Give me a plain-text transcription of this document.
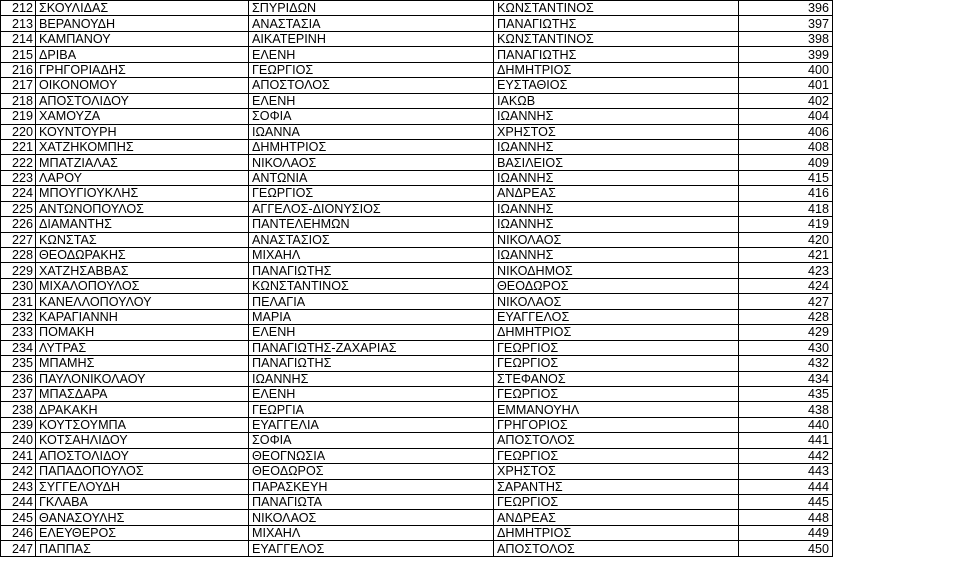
212	ΣΚΟΥΛΙΔΑΣ	ΣΠΥΡΙΔΩΝ	ΚΩΝΣΤΑΝΤΙΝΟΣ	396
213	ΒΕΡΑΝΟΥΔΗ	ΑΝΑΣΤΑΣΙΑ	ΠΑΝΑΓΙΩΤΗΣ	397
214	ΚΑΜΠΑΝΟΥ	ΑΙΚΑΤΕΡΙΝΗ	ΚΩΝΣΤΑΝΤΙΝΟΣ	398
215	ΔΡΙΒΑ	ΕΛΕΝΗ	ΠΑΝΑΓΙΩΤΗΣ	399
216	ΓΡΗΓΟΡΙΑΔΗΣ	ΓΕΩΡΓΙΟΣ	ΔΗΜΗΤΡΙΟΣ	400
217	ΟΙΚΟΝΟΜΟΥ	ΑΠΟΣΤΟΛΟΣ	ΕΥΣΤΑΘΙΟΣ	401
218	ΑΠΟΣΤΟΛΙΔΟΥ	ΕΛΕΝΗ	ΙΑΚΩΒ	402
219	ΧΑΜΟΥΖΑ	ΣΟΦΙΑ	ΙΩΑΝΝΗΣ	404
220	ΚΟΥΝΤΟΥΡΗ	ΙΩΑΝΝΑ	ΧΡΗΣΤΟΣ	406
221	ΧΑΤΖΗΚΟΜΠΗΣ	ΔΗΜΗΤΡΙΟΣ	ΙΩΑΝΝΗΣ	408
222	ΜΠΑΤΖΙΑΛΑΣ	ΝΙΚΟΛΑΟΣ	ΒΑΣΙΛΕΙΟΣ	409
223	ΛΑΡΟΥ	ΑΝΤΩΝΙΑ	ΙΩΑΝΝΗΣ	415
224	ΜΠΟΥΓΙΟΥΚΛΗΣ	ΓΕΩΡΓΙΟΣ	ΑΝΔΡΕΑΣ	416
225	ΑΝΤΩΝΟΠΟΥΛΟΣ	ΑΓΓΕΛΟΣ-ΔΙΟΝΥΣΙΟΣ	ΙΩΑΝΝΗΣ	418
226	ΔΙΑΜΑΝΤΗΣ	ΠΑΝΤΕΛΕΗΜΩΝ	ΙΩΑΝΝΗΣ	419
227	ΚΩΝΣΤΑΣ	ΑΝΑΣΤΑΣΙΟΣ	ΝΙΚΟΛΑΟΣ	420
228	ΘΕΟΔΩΡΑΚΗΣ	ΜΙΧΑΗΛ	ΙΩΑΝΝΗΣ	421
229	ΧΑΤΖΗΣΑΒΒΑΣ	ΠΑΝΑΓΙΩΤΗΣ	ΝΙΚΟΔΗΜΟΣ	423
230	ΜΙΧΑΛΟΠΟΥΛΟΣ	ΚΩΝΣΤΑΝΤΙΝΟΣ	ΘΕΟΔΩΡΟΣ	424
231	ΚΑΝΕΛΛΟΠΟΥΛΟΥ	ΠΕΛΑΓΙΑ	ΝΙΚΟΛΑΟΣ	427
232	ΚΑΡΑΓΙΑΝΝΗ	ΜΑΡΙΑ	ΕΥΑΓΓΕΛΟΣ	428
233	ΠΟΜΑΚΗ	ΕΛΕΝΗ	ΔΗΜΗΤΡΙΟΣ	429
234	ΛΥΤΡΑΣ	ΠΑΝΑΓΙΩΤΗΣ-ΖΑΧΑΡΙΑΣ	ΓΕΩΡΓΙΟΣ	430
235	ΜΠΑΜΗΣ	ΠΑΝΑΓΙΩΤΗΣ	ΓΕΩΡΓΙΟΣ	432
236	ΠΑΥΛΟΝΙΚΟΛΑΟΥ	ΙΩΑΝΝΗΣ	ΣΤΕΦΑΝΟΣ	434
237	ΜΠΑΣΔΑΡΑ	ΕΛΕΝΗ	ΓΕΩΡΓΙΟΣ	435
238	ΔΡΑΚΑΚΗ	ΓΕΩΡΓΙΑ	ΕΜΜΑΝΟΥΗΛ	438
239	ΚΟΥΤΣΟΥΜΠΑ	ΕΥΑΓΓΕΛΙΑ	ΓΡΗΓΟΡΙΟΣ	440
240	ΚΟΤΣΑΗΛΙΔΟΥ	ΣΟΦΙΑ	ΑΠΟΣΤΟΛΟΣ	441
241	ΑΠΟΣΤΟΛΙΔΟΥ	ΘΕΟΓΝΩΣΙΑ	ΓΕΩΡΓΙΟΣ	442
242	ΠΑΠΑΔΟΠΟΥΛΟΣ	ΘΕΟΔΩΡΟΣ	ΧΡΗΣΤΟΣ	443
243	ΣΥΓΓΕΛΟΥΔΗ	ΠΑΡΑΣΚΕΥΗ	ΣΑΡΑΝΤΗΣ	444
244	ΓΚΛΑΒΑ	ΠΑΝΑΓΙΩΤΑ	ΓΕΩΡΓΙΟΣ	445
245	ΘΑΝΑΣΟΥΛΗΣ	ΝΙΚΟΛΑΟΣ	ΑΝΔΡΕΑΣ	448
246	ΕΛΕΥΘΕΡΟΣ	ΜΙΧΑΗΛ	ΔΗΜΗΤΡΙΟΣ	449
247	ΠΑΠΠΑΣ	ΕΥΑΓΓΕΛΟΣ	ΑΠΟΣΤΟΛΟΣ	450
